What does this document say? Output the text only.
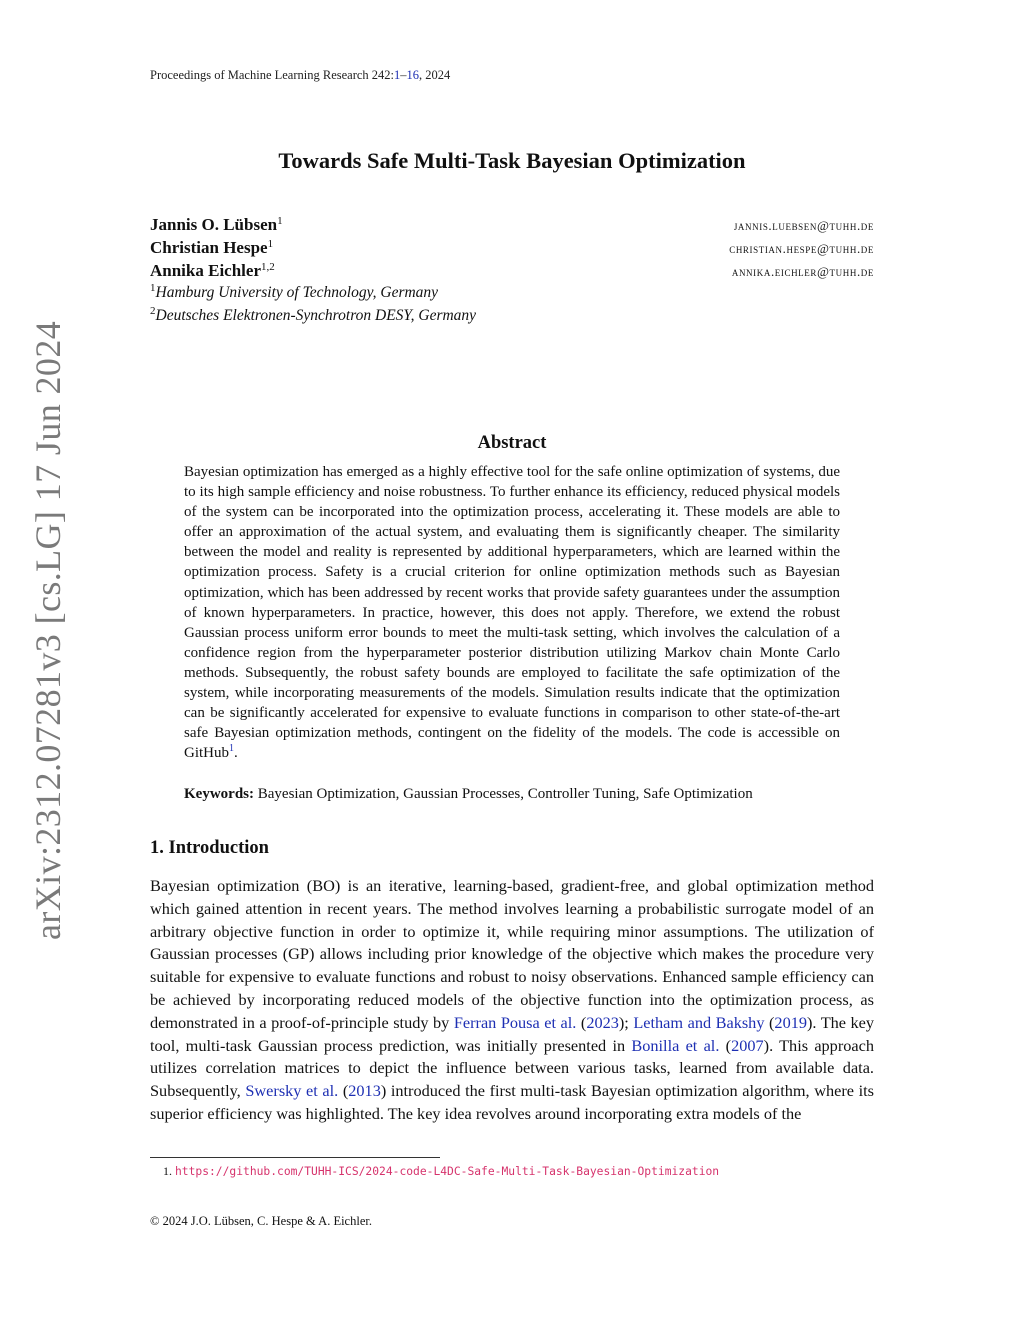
Proceedings of Machine Learning Research 242:1–16, 2024
Towards Safe Multi-Task Bayesian Optimization
Jannis O. Lübsen$^1$	jannis.luebsen@tuhh.de
Christian Hespe$^1$	christian.hespe@tuhh.de
Annika Eichler$^{1,2}$	annika.eichler@tuhh.de
$^1$Hamburg University of Technology, Germany
$^2$Deutsches Elektronen-Synchrotron DESY, Germany
arXiv:2312.07281v3 [cs.LG] 17 Jun 2024	Abstract
Bayesian optimization has emerged as a highly effective tool for the safe online optimization of systems, due to its high sample efficiency and noise robustness. To further enhance its efficiency, reduced physical models of the system can be incorporated into the optimization process, accelerating it. These models are able to offer an approximation of the actual system, and evaluating them is significantly cheaper. The similarity between the model and reality is represented by additional hyperparameters, which are learned within the optimization process. Safety is a crucial criterion for online optimization methods such as Bayesian optimization, which has been addressed by recent works that provide safety guarantees under the assumption of known hyperparameters. In practice, however, this does not apply. Therefore, we extend the robust Gaussian process uniform error bounds to meet the multi-task setting, which involves the calculation of a confidence region from the hyperparameter posterior distribution utilizing Markov chain Monte Carlo methods. Subsequently, the robust safety bounds are employed to facilitate the safe optimization of the system, while incorporating measurements of the models. Simulation results indicate that the optimization can be significantly accelerated for expensive to evaluate functions in comparison to other state-of-the-art safe Bayesian optimization methods, contingent on the fidelity of the models. The code is accessible on GitHub$^1$.
Keywords: Bayesian Optimization, Gaussian Processes, Controller Tuning, Safe Optimization
1. Introduction
Bayesian optimization (BO) is an iterative, learning-based, gradient-free, and global optimization method which gained attention in recent years. The method involves learning a probabilistic surrogate model of an arbitrary objective function in order to optimize it, while requiring minor assumptions. The utilization of Gaussian processes (GP) allows including prior knowledge of the objective which makes the procedure very suitable for expensive to evaluate functions and robust to noisy observations. Enhanced sample efficiency can be achieved by incorporating reduced models of the objective function into the optimization process, as demonstrated in a proof-of-principle study by Ferran Pousa et al. (2023); Letham and Bakshy (2019). The key tool, multi-task Gaussian process prediction, was initially presented in Bonilla et al. (2007). This approach utilizes correlation matrices to depict the influence between various tasks, learned from available data. Subsequently, Swersky et al. (2013) introduced the first multi-task Bayesian optimization algorithm, where its superior efficiency was highlighted. The key idea revolves around incorporating extra models of the
1. https://github.com/TUHH-ICS/2024-code-L4DC-Safe-Multi-Task-Bayesian-Optimization
© 2024 J.O. Lübsen, C. Hespe & A. Eichler.
